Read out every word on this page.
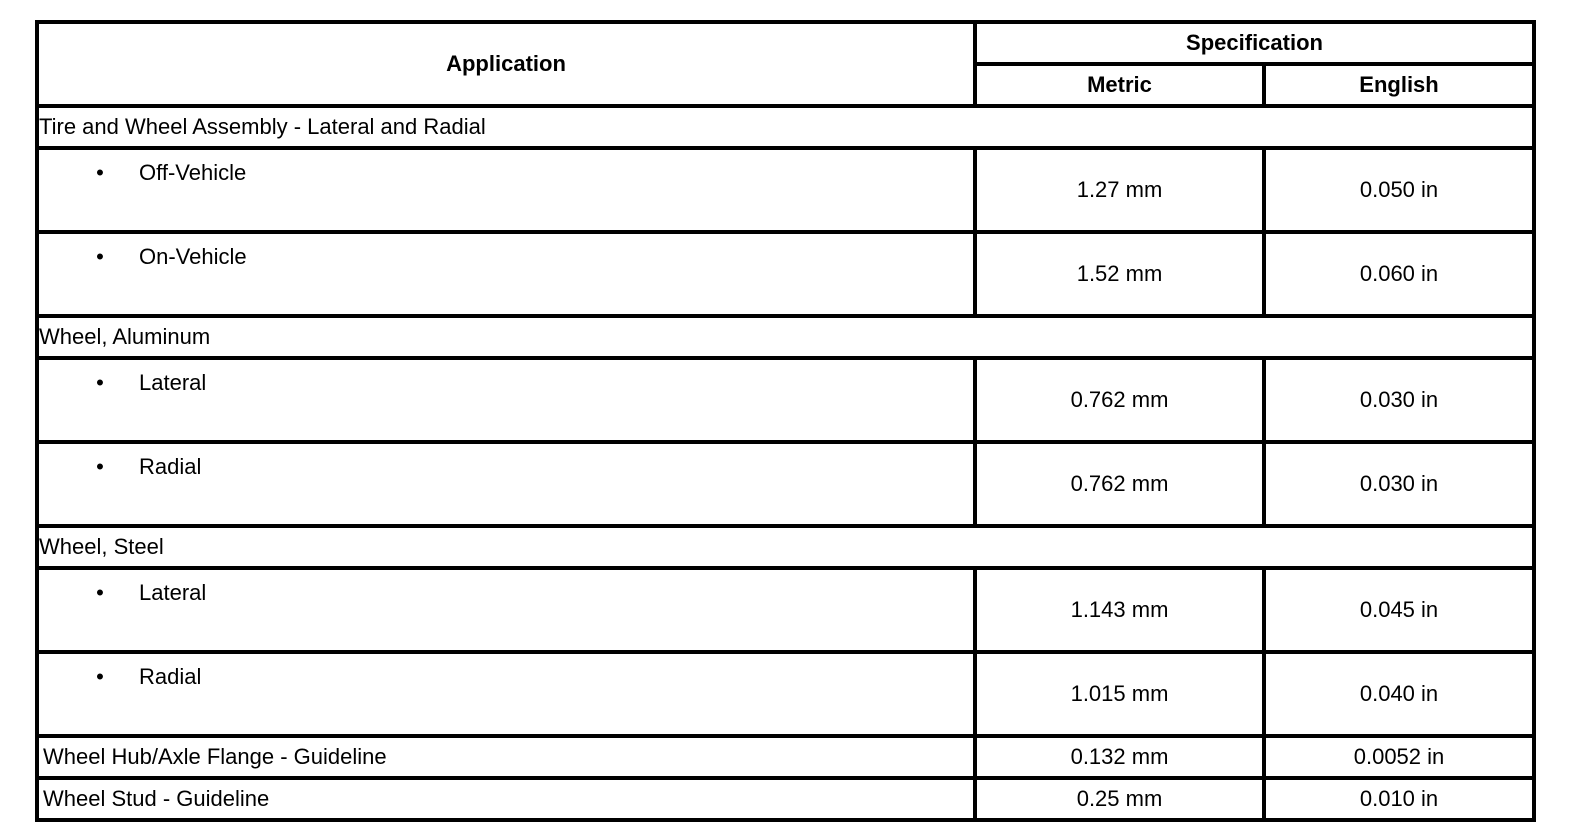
Application	Specification	
	Metric	English
Tire and Wheel Assembly - Lateral and Radial		
• Off-Vehicle	1.27 mm	0.050 in
• On-Vehicle	1.52 mm	0.060 in
Wheel, Aluminum		
• Lateral	0.762 mm	0.030 in
• Radial	0.762 mm	0.030 in
Wheel, Steel		
• Lateral	1.143 mm	0.045 in
• Radial	1.015 mm	0.040 in
Wheel Hub/Axle Flange - Guideline	0.132 mm	0.0052 in
Wheel Stud - Guideline	0.25 mm	0.010 in
